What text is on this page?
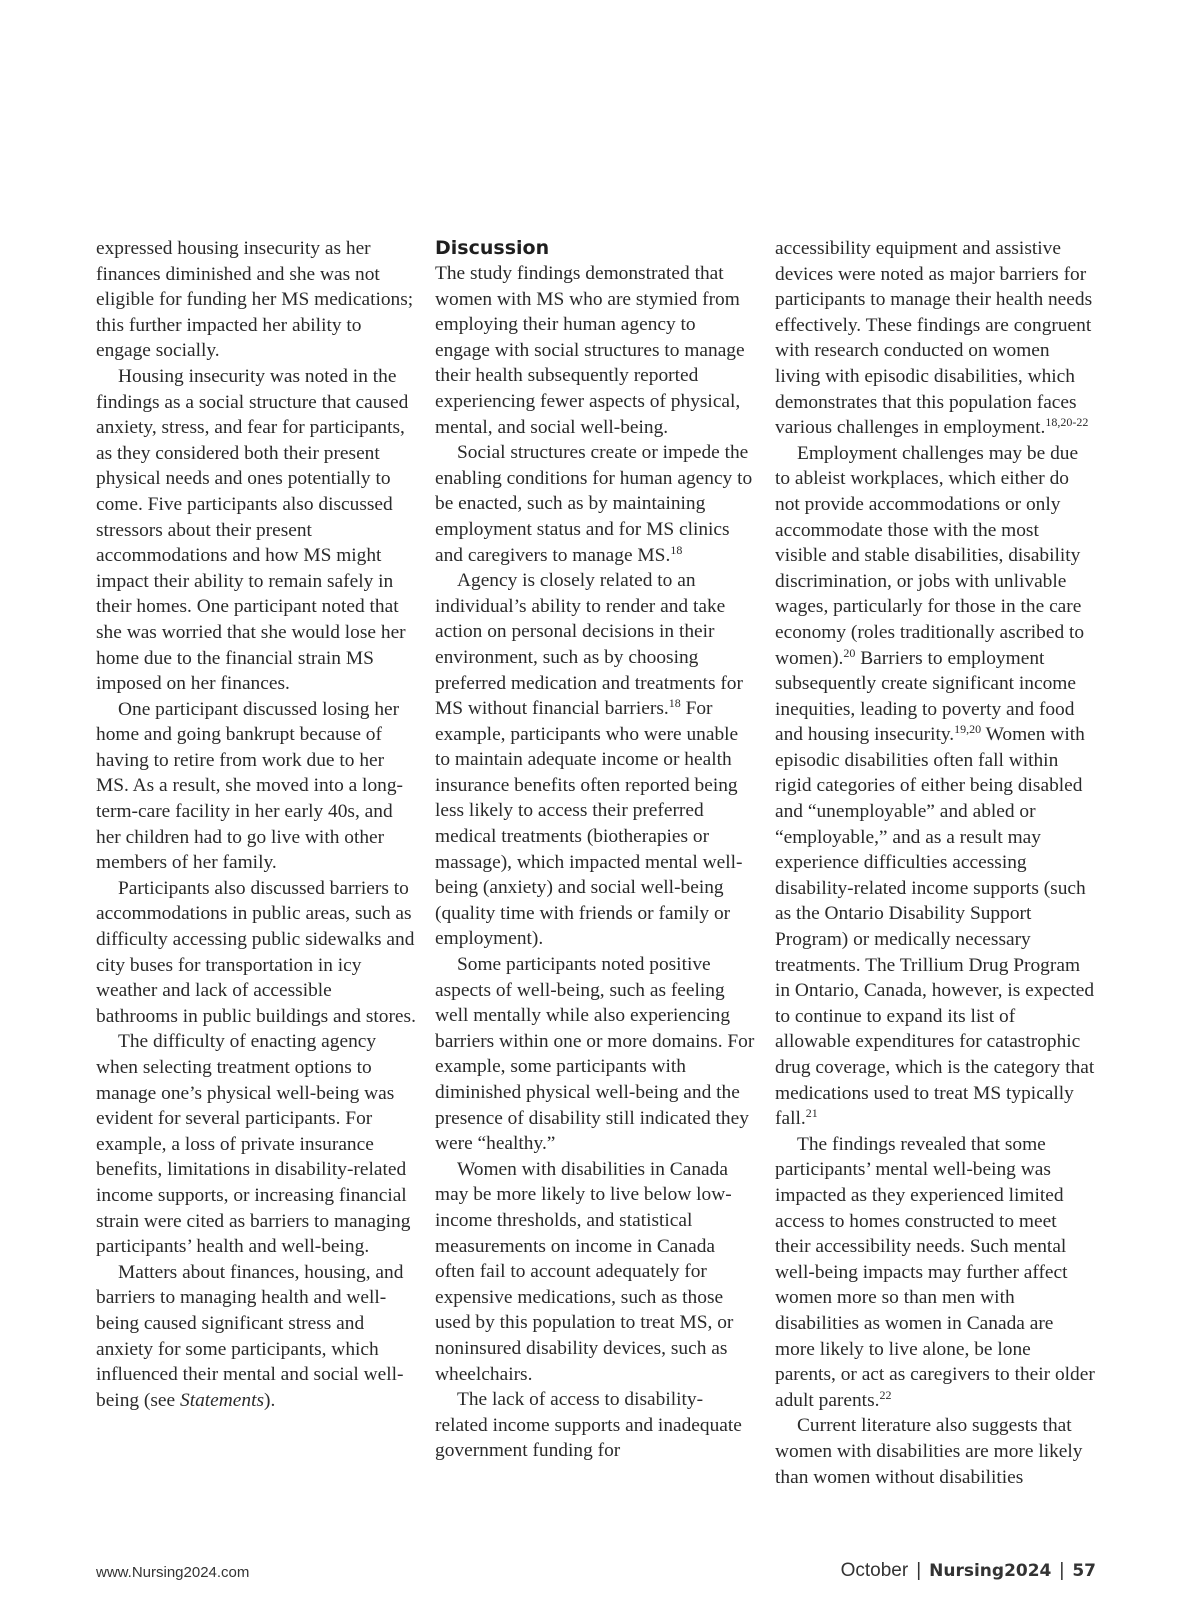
expressed housing insecurity as her finances diminished and she was not eligible for funding her MS medications; this further impacted her ability to engage socially.

Housing insecurity was noted in the findings as a social structure that caused anxiety, stress, and fear for participants, as they considered both their present physical needs and ones potentially to come. Five participants also discussed stressors about their present accommodations and how MS might impact their ability to remain safely in their homes. One participant noted that she was worried that she would lose her home due to the financial strain MS imposed on her finances.

One participant discussed losing her home and going bankrupt because of having to retire from work due to her MS. As a result, she moved into a long-term-care facility in her early 40s, and her children had to go live with other members of her family.

Participants also discussed barriers to accommodations in public areas, such as difficulty accessing public sidewalks and city buses for transportation in icy weather and lack of accessible bathrooms in public buildings and stores.

The difficulty of enacting agency when selecting treatment options to manage one’s physical well-being was evident for several participants. For example, a loss of private insurance benefits, limitations in disability-related income supports, or increasing financial strain were cited as barriers to managing participants’ health and well-being.

Matters about finances, housing, and barriers to managing health and well-being caused significant stress and anxiety for some participants, which influenced their mental and social well-being (see Statements).

Discussion

The study findings demonstrated that women with MS who are stymied from employing their human agency to engage with social structures to manage their health subsequently reported experiencing fewer aspects of physical, mental, and social well-being.

Social structures create or impede the enabling conditions for human agency to be enacted, such as by maintaining employment status and for MS clinics and caregivers to manage MS.$^{18}$

Agency is closely related to an individual’s ability to render and take action on personal decisions in their environment, such as by choosing preferred medication and treatments for MS without financial barriers.$^{18}$ For example, participants who were unable to maintain adequate income or health insurance benefits often reported being less likely to access their preferred medical treatments (biotherapies or massage), which impacted mental well-being (anxiety) and social well-being (quality time with friends or family or employment).

Some participants noted positive aspects of well-being, such as feeling well mentally while also experiencing barriers within one or more domains. For example, some participants with diminished physical well-being and the presence of disability still indicated they were “healthy.”

Women with disabilities in Canada may be more likely to live below low-income thresholds, and statistical measurements on income in Canada often fail to account adequately for expensive medications, such as those used by this population to treat MS, or noninsured disability devices, such as wheelchairs.

The lack of access to disability-related income supports and inadequate government funding for

accessibility equipment and assistive devices were noted as major barriers for participants to manage their health needs effectively. These findings are congruent with research conducted on women living with episodic disabilities, which demonstrates that this population faces various challenges in employment.$^{18,20-22}$

Employment challenges may be due to ableist workplaces, which either do not provide accommodations or only accommodate those with the most visible and stable disabilities, disability discrimination, or jobs with unlivable wages, particularly for those in the care economy (roles traditionally ascribed to women).$^{20}$ Barriers to employment subsequently create significant income inequities, leading to poverty and food and housing insecurity.$^{19,20}$ Women with episodic disabilities often fall within rigid categories of either being disabled and “unemployable” and abled or “employable,” and as a result may experience difficulties accessing disability-related income supports (such as the Ontario Disability Support Program) or medically necessary treatments. The Trillium Drug Program in Ontario, Canada, however, is expected to continue to expand its list of allowable expenditures for catastrophic drug coverage, which is the category that medications used to treat MS typically fall.$^{21}$

The findings revealed that some participants’ mental well-being was impacted as they experienced limited access to homes constructed to meet their accessibility needs. Such mental well-being impacts may further affect women more so than men with disabilities as women in Canada are more likely to live alone, be lone parents, or act as caregivers to their older adult parents.$^{22}$

Current literature also suggests that women with disabilities are more likely than women without disabilities

www.Nursing2024.com	October | Nursing2024 | 57
